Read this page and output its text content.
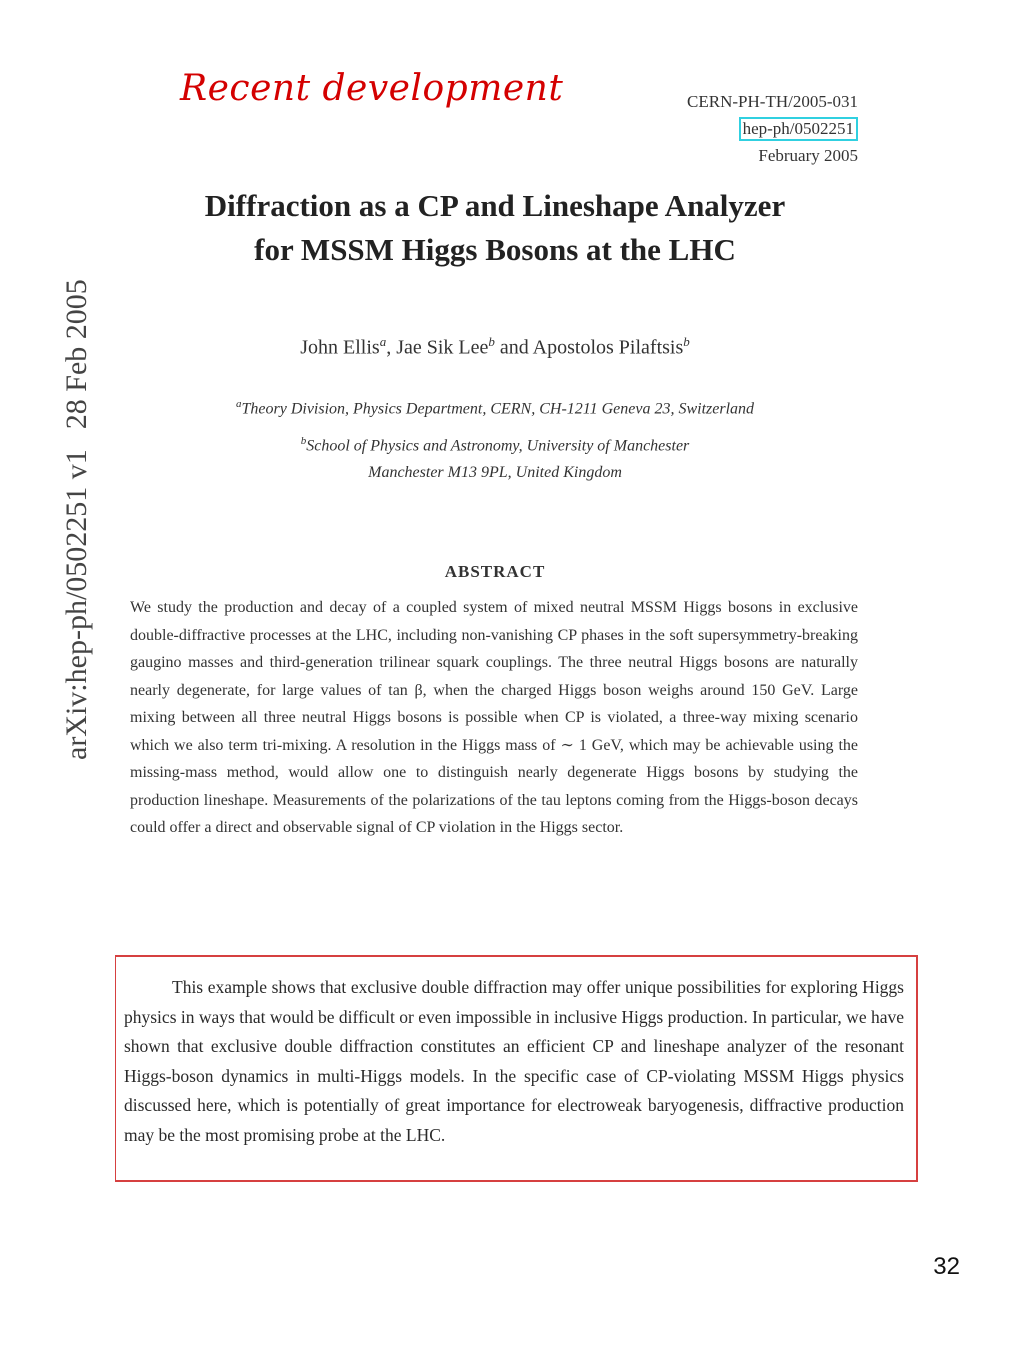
Recent development	CERN-PH-TH/2005-031
hep-ph/0502251
February 2005
arXiv:hep-ph/0502251 v128 Feb 2005
Diffraction as a CP and Lineshape Analyzer
for MSSM Higgs Bosons at the LHC
John Ellis$^a$, Jae Sik Lee$^b$ and Apostolos Pilaftsis$^b$
$^a$Theory Division, Physics Department, CERN, CH-1211 Geneva 23, Switzerland
$^b$School of Physics and Astronomy, University of Manchester
Manchester M13 9PL, United Kingdom
ABSTRACT
We study the production and decay of a coupled system of mixed neutral MSSM Higgs bosons in exclusive double-diffractive processes at the LHC, including non-vanishing CP phases in the soft supersymmetry-breaking gaugino masses and third-generation trilinear squark couplings. The three neutral Higgs bosons are naturally nearly degenerate, for large values of tan β, when the charged Higgs boson weighs around 150 GeV. Large mixing between all three neutral Higgs bosons is possible when CP is violated, a three-way mixing scenario which we also term tri-mixing. A resolution in the Higgs mass of ∼ 1 GeV, which may be achievable using the missing-mass method, would allow one to distinguish nearly degenerate Higgs bosons by studying the production lineshape. Measurements of the polarizations of the tau leptons coming from the Higgs-boson decays could offer a direct and observable signal of CP violation in the Higgs sector.

This example shows that exclusive double diffraction may offer unique possibilities for exploring Higgs physics in ways that would be difficult or even impossible in inclusive Higgs production. In particular, we have shown that exclusive double diffraction constitutes an efficient CP and lineshape analyzer of the resonant Higgs-boson dynamics in multi-Higgs models. In the specific case of CP-violating MSSM Higgs physics discussed here, which is potentially of great importance for electroweak baryogenesis, diffractive production may be the most promising probe at the LHC.

32
